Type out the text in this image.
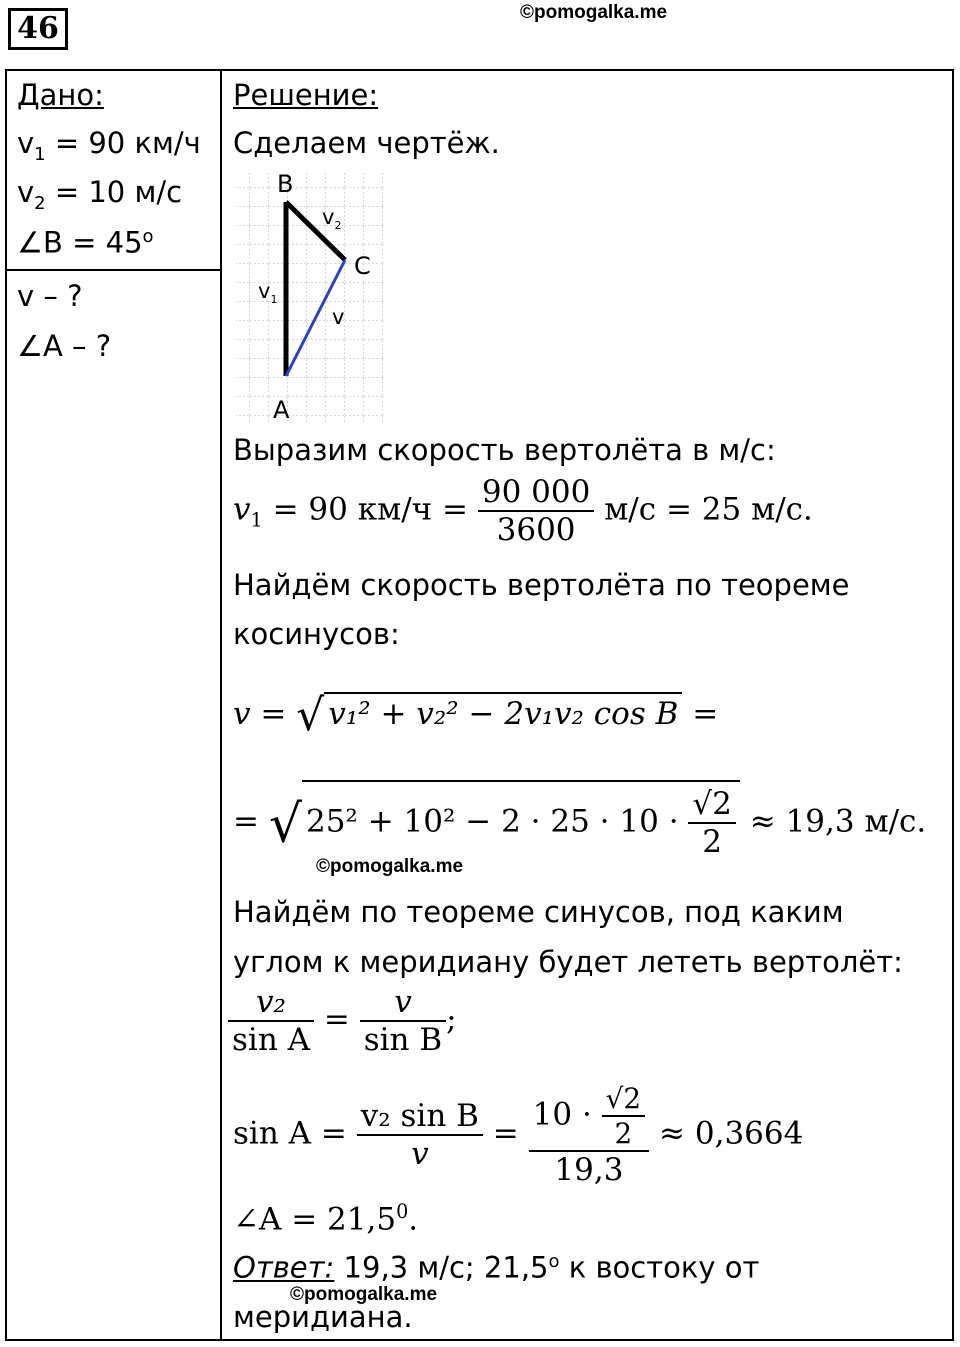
46	©pomogalka.me
Дано:
$v_1 = 90$ км/ч
$v_2 = 10$ м/с
∠B = $45^o$
v – ?
∠A – ?
Решение:
Сделаем чертёж.
B
C
A
$v_2$
$v_1$
v
Выразим скорость вертолёта в м/с:
$v_1 = 90$ $км/ч = \frac{90 000}{3600} м/с = 25$ м/с.
Найдём скорость вертолёта по теореме
косинусов:
v = √ v₁² + v₂² − 2v₁v₂ cos B =
= √ $25^2 + 10^2 - 2 \cdot 25 \cdot 10 \cdot \frac{√2}{2} \approx 19,3$ м/с.
©pomogalka.me
Найдём по теореме синусов, под каким
углом к меридиану будет лететь вертолёт:
$\frac{\text{v₂}}{\text{sin A}} = \frac{v}{\text{sin B}}$ ;
$\sin A = \frac{\text{v₂ sin B}}{v} = \frac{10 \cdot \frac{√2}{2}}{19,3} \approx 0,3664$
∠A = $21,5^0$.
Ответ: 19,3 м/с; 21,5$^o$ к востоку от
©pomogalka.me
меридиана.
